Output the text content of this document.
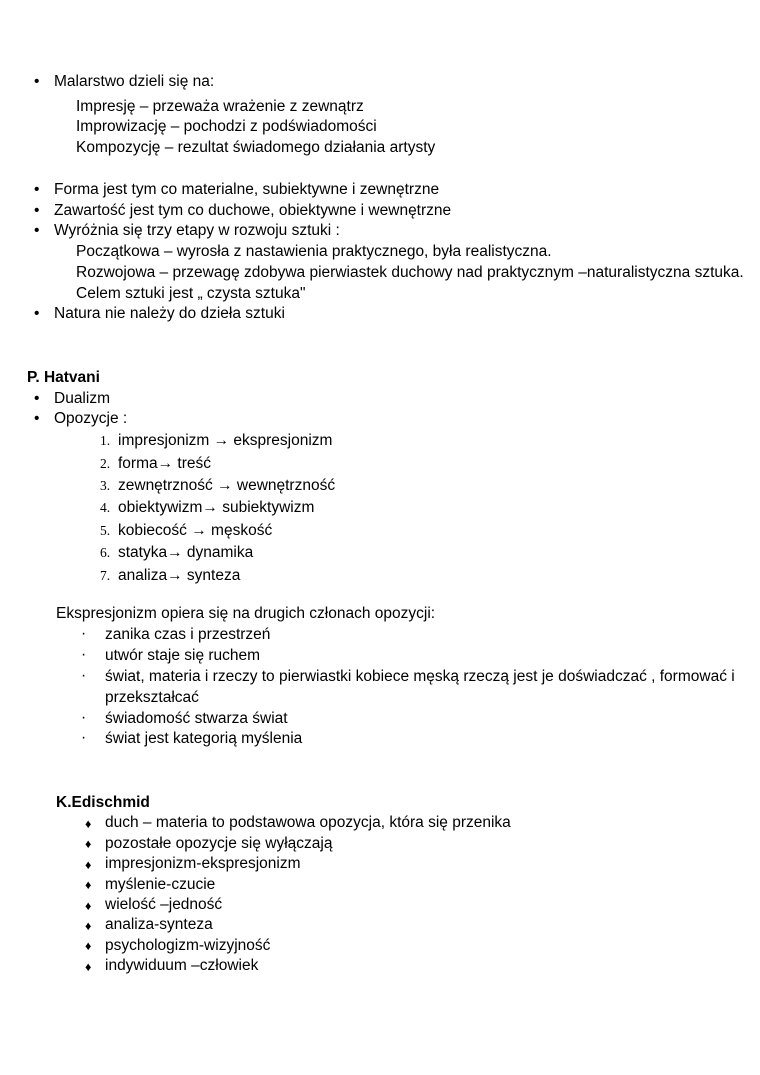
• Malarstwo dzieli się na:
Impresję – przeważa wrażenie z zewnątrz
Improwizację – pochodzi z podświadomości
Kompozycję – rezultat świadomego działania artysty
• Forma jest tym co materialne, subiektywne i zewnętrzne
• Zawartość jest tym co duchowe, obiektywne i wewnętrzne
• Wyróżnia się trzy etapy w rozwoju sztuki :
Początkowa – wyrosła z nastawienia praktycznego, była realistyczna.
Rozwojowa – przewagę zdobywa pierwiastek duchowy nad praktycznym –naturalistyczna sztuka.
Celem sztuki jest „ czysta sztuka"
• Natura nie należy do dzieła sztuki
P. Hatvani
• Dualizm
• Opozycje :
1. impresjonizm → ekspresjonizm
2. forma→ treść
3. zewnętrzność → wewnętrzność
4. obiektywizm→ subiektywizm
5. kobiecość → męskość
6. statyka→ dynamika
7. analiza→ synteza
Ekspresjonizm opiera się na drugich członach opozycji:
· zanika czas i przestrzeń
· utwór staje się ruchem
· świat, materia i rzeczy to pierwiastki kobiece męską rzeczą jest je doświadczać , formować i przekształcać
· świadomość stwarza świat
· świat jest kategorią myślenia
K.Edischmid
♦ duch – materia to podstawowa opozycja, która się przenika
♦ pozostałe opozycje się wyłączają
♦ impresjonizm-ekspresjonizm
♦ myślenie-czucie
♦ wielość –jedność
♦ analiza-synteza
♦ psychologizm-wizyjność
♦ indywiduum –człowiek
